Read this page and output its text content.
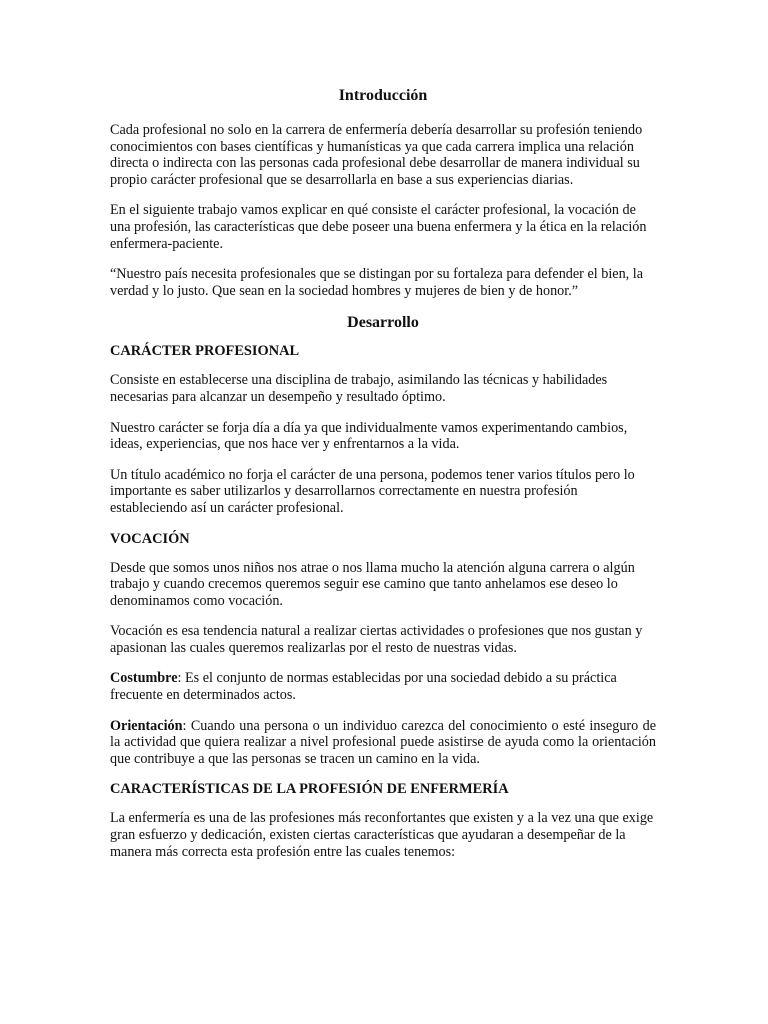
Introducción

Cada profesional no solo en la carrera de enfermería debería desarrollar su profesión teniendo conocimientos con bases científicas y humanísticas ya que cada carrera implica una relación directa o indirecta con las personas cada profesional debe desarrollar de manera individual su propio carácter profesional que se desarrollarla en base a sus experiencias diarias.

En el siguiente trabajo vamos explicar en qué consiste el carácter profesional, la vocación de una profesión, las características que debe poseer una buena enfermera y la ética en la relación enfermera-paciente.

“Nuestro país necesita profesionales que se distingan por su fortaleza para defender el bien, la verdad y lo justo. Que sean en la sociedad hombres y mujeres de bien y de honor.”

Desarrollo
CARÁCTER PROFESIONAL

Consiste en establecerse una disciplina de trabajo, asimilando las técnicas y habilidades necesarias para alcanzar un desempeño y resultado óptimo.

Nuestro carácter se forja día a día ya que individualmente vamos experimentando cambios, ideas, experiencias, que nos hace ver y enfrentarnos a la vida.

Un título académico no forja el carácter de una persona, podemos tener varios títulos pero lo importante es saber utilizarlos y desarrollarnos correctamente en nuestra profesión estableciendo así un carácter profesional.

VOCACIÓN

Desde que somos unos niños nos atrae o nos llama mucho la atención alguna carrera o algún trabajo y cuando crecemos queremos seguir ese camino que tanto anhelamos ese deseo lo denominamos como vocación.

Vocación es esa tendencia natural a realizar ciertas actividades o profesiones que nos gustan y apasionan las cuales queremos realizarlas por el resto de nuestras vidas.

Costumbre: Es el conjunto de normas establecidas por una sociedad debido a su práctica frecuente en determinados actos.

Orientación: Cuando una persona o un individuo carezca del conocimiento o esté inseguro de la actividad que quiera realizar a nivel profesional puede asistirse de ayuda como la orientación que contribuye a que las personas se tracen un camino en la vida.

CARACTERÍSTICAS DE LA PROFESIÓN DE ENFERMERÍA

La enfermería es una de las profesiones más reconfortantes que existen y a la vez una que exige gran esfuerzo y dedicación, existen ciertas características que ayudaran a desempeñar de la manera más correcta esta profesión entre las cuales tenemos:
